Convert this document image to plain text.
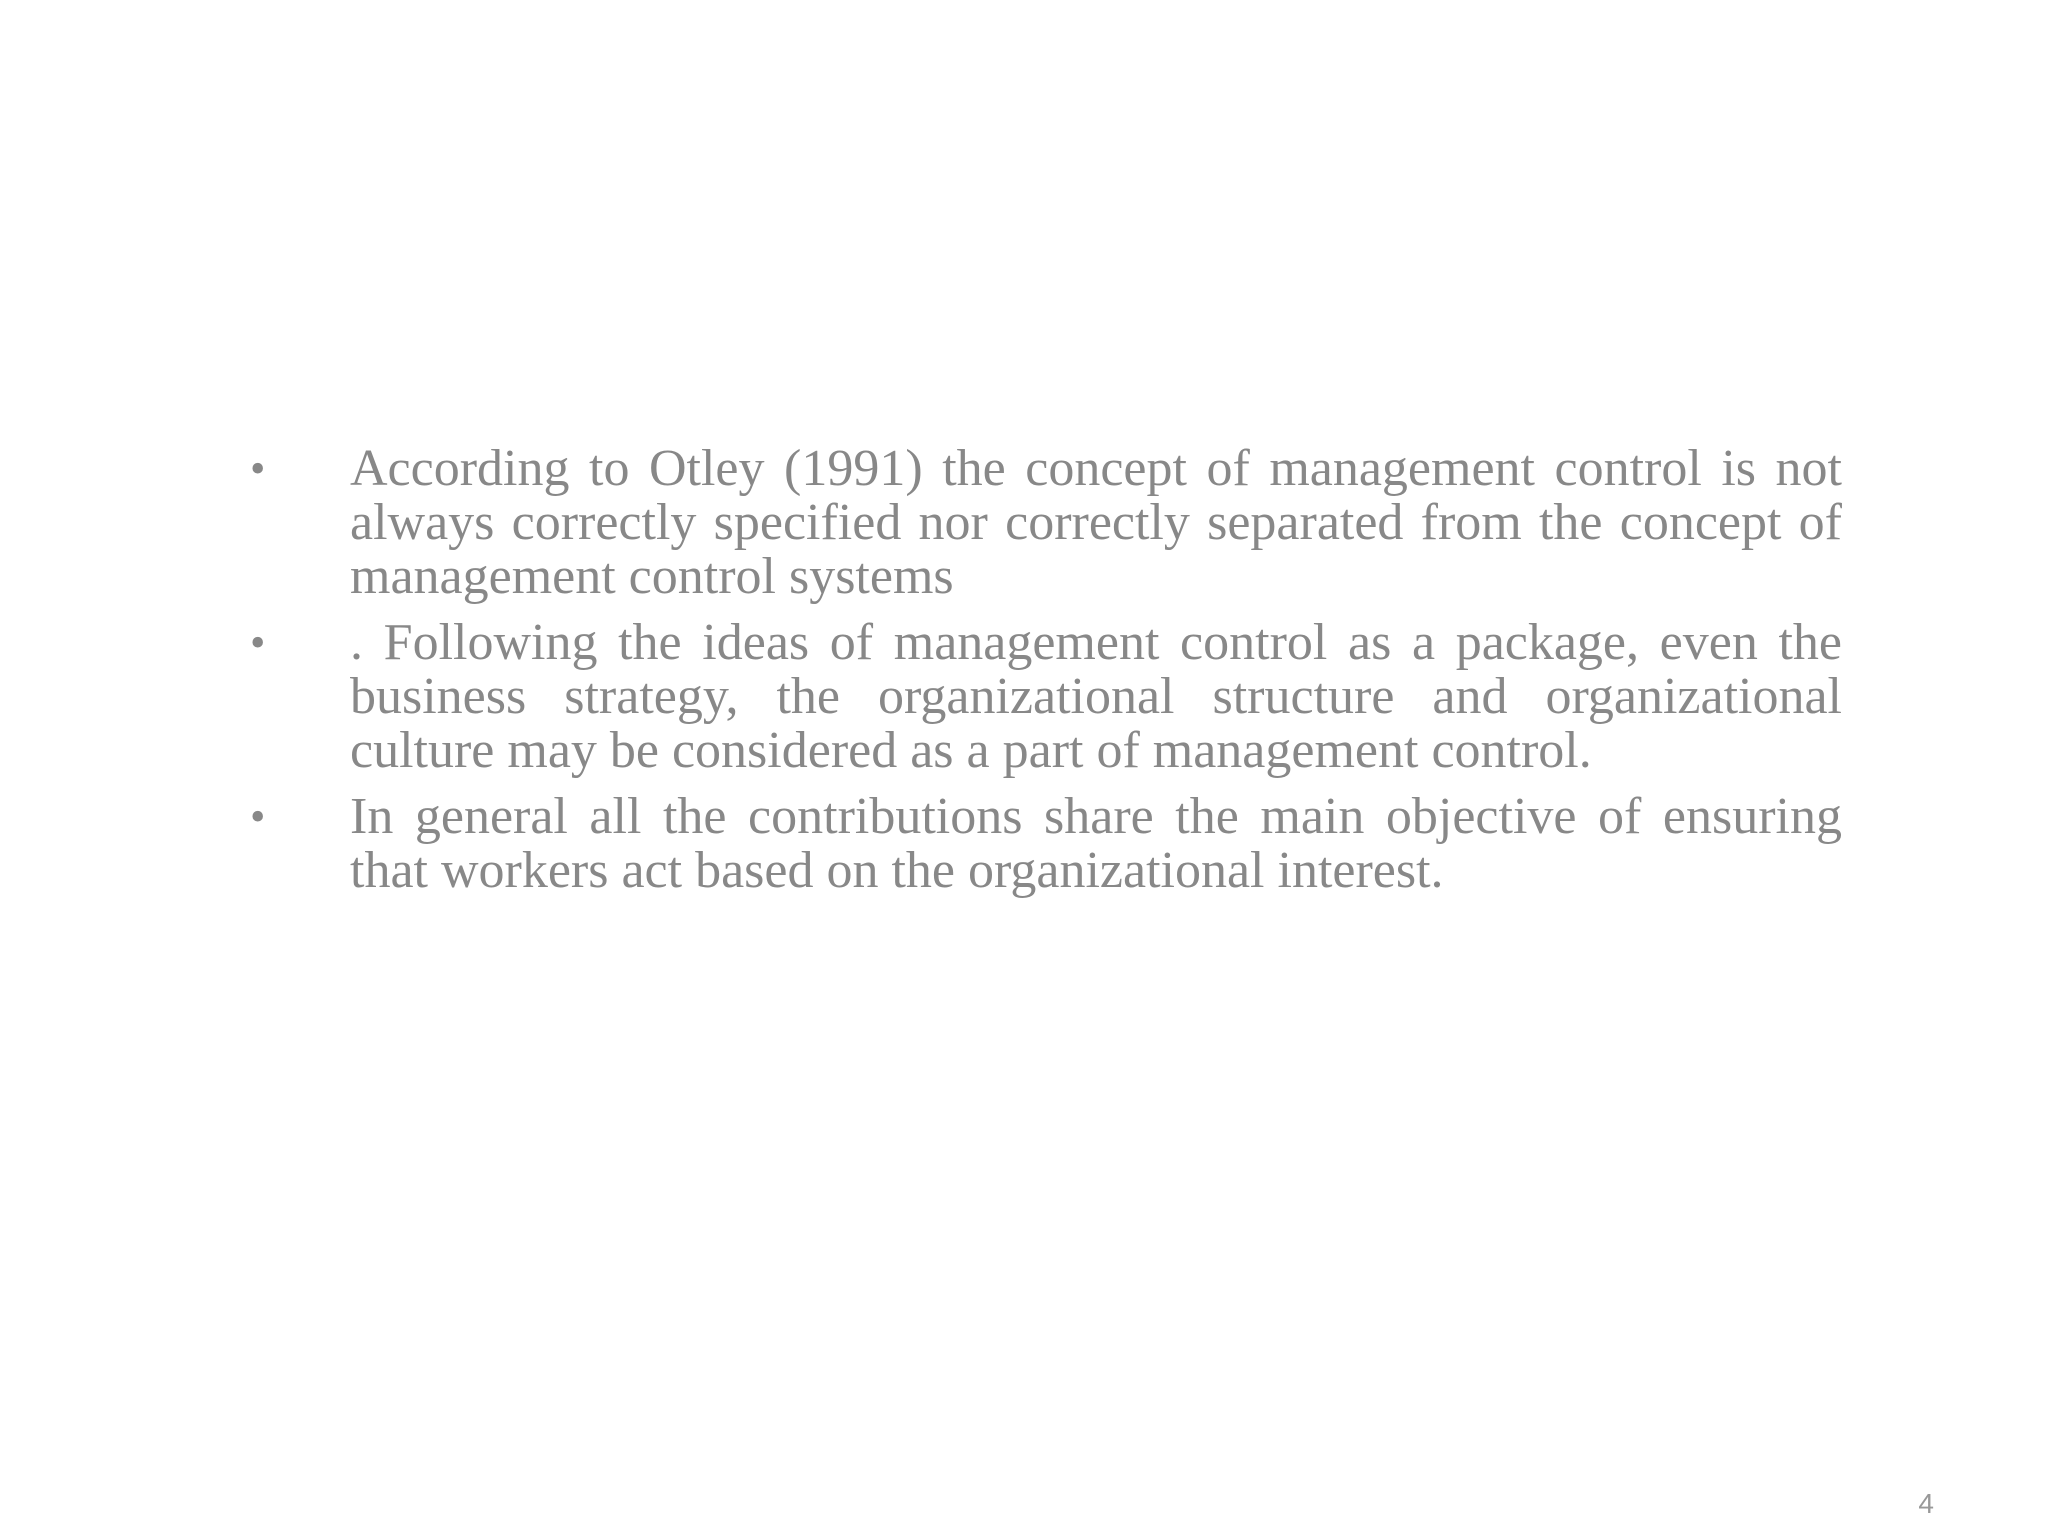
•	According to Otley (1991) the concept of management control is not always correctly specified nor correctly separated from the concept of management control systems
•	. Following the ideas of management control as a package, even the business strategy, the organizational structure and organizational culture may be considered as a part of management control.
•	In general all the contributions share the main objective of ensuring that workers act based on the organizational interest.
4
